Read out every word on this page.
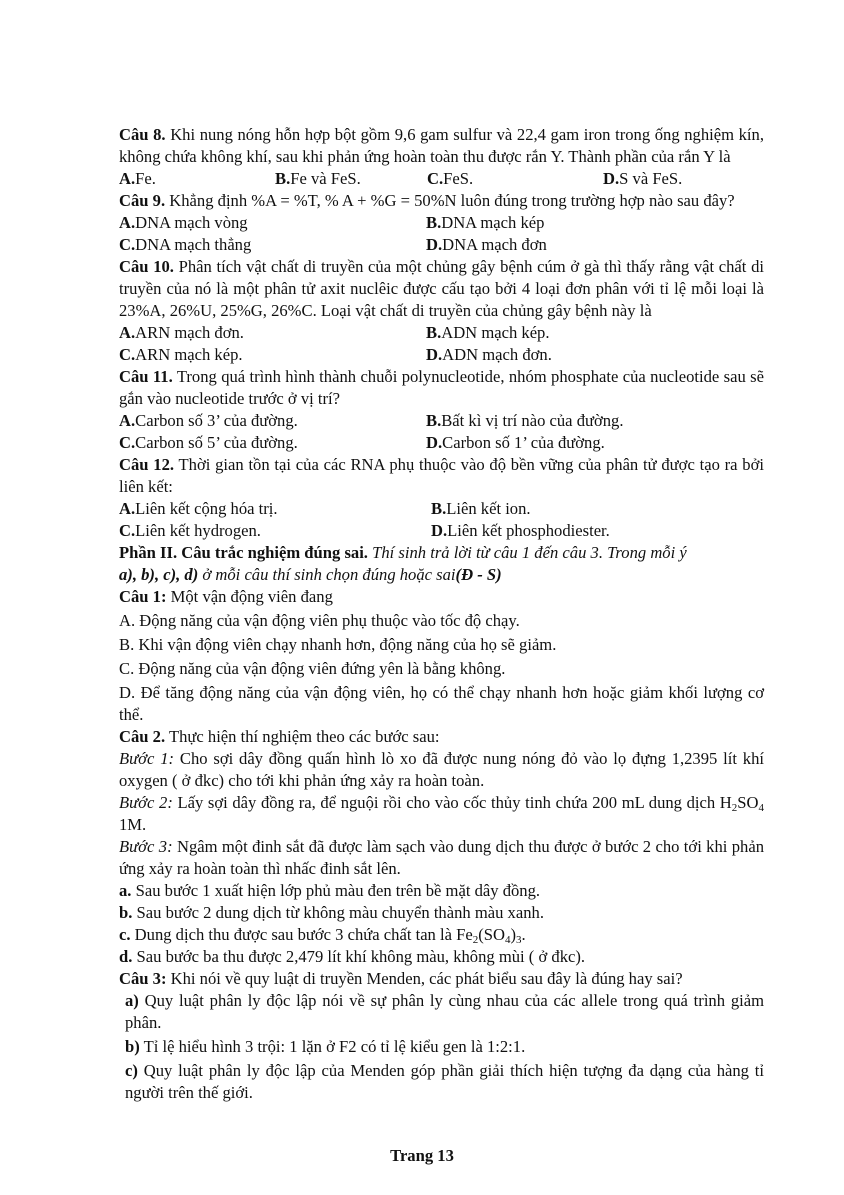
Câu 8. Khi nung nóng hỗn hợp bột gồm 9,6 gam sulfur và 22,4 gam iron trong ống nghiệm kín, không chứa không khí, sau khi phản ứng hoàn toàn thu được rắn Y. Thành phần của rắn Y là

A.Fe.	B.Fe và FeS.	C.FeS.	D.S và FeS.

Câu 9. Khẳng định %A = %T, % A + %G = 50%N luôn đúng trong trường hợp nào sau đây?

A.DNA mạch vòng	B.DNA mạch kép
C.DNA mạch thẳng	D.DNA mạch đơn

Câu 10. Phân tích vật chất di truyền của một chủng gây bệnh cúm ở gà thì thấy rằng vật chất di truyền của nó là một phân tử axit nuclêic được cấu tạo bởi 4 loại đơn phân với tỉ lệ mỗi loại là 23%A, 26%U, 25%G, 26%C. Loại vật chất di truyền của chủng gây bệnh này là

A.ARN mạch đơn.	B.ADN mạch kép.
C.ARN mạch kép.	D.ADN mạch đơn.

Câu 11. Trong quá trình hình thành chuỗi polynucleotide, nhóm phosphate của nucleotide sau sẽ gắn vào nucleotide trước ở vị trí?

A.Carbon số 3’ của đường.	B.Bất kì vị trí nào của đường.
C.Carbon số 5’ của đường.	D.Carbon số 1’ của đường.

Câu 12. Thời gian tồn tại của các RNA phụ thuộc vào độ bền vững của phân tử được tạo ra bởi liên kết:

A.Liên kết cộng hóa trị.	B.Liên kết ion.
C.Liên kết hydrogen.	D.Liên kết phosphodiester.

Phần II. Câu trắc nghiệm đúng sai. Thí sinh trả lời từ câu 1 đến câu 3. Trong mỗi ý
a), b), c), d) ở mỗi câu thí sinh chọn đúng hoặc sai(Đ - S)

Câu 1: Một vận động viên đang

A. Động năng của vận động viên phụ thuộc vào tốc độ chạy.

B. Khi vận động viên chạy nhanh hơn, động năng của họ sẽ giảm.

C. Động năng của vận động viên đứng yên là bằng không.

D. Để tăng động năng của vận động viên, họ có thể chạy nhanh hơn hoặc giảm khối lượng cơ thể.

Câu 2. Thực hiện thí nghiệm theo các bước sau:

Bước 1: Cho sợi dây đồng quấn hình lò xo đã được nung nóng đỏ vào lọ đựng 1,2395 lít khí oxygen ( ở đkc) cho tới khi phản ứng xảy ra hoàn toàn.

Bước 2: Lấy sợi dây đồng ra, để nguội rồi cho vào cốc thủy tinh chứa 200 mL dung dịch $H_2SO_4$ 1M.

Bước 3: Ngâm một đinh sắt đã được làm sạch vào dung dịch thu được ở bước 2 cho tới khi phản ứng xảy ra hoàn toàn thì nhấc đinh sắt lên.

a. Sau bước 1 xuất hiện lớp phủ màu đen trên bề mặt dây đồng.

b. Sau bước 2 dung dịch từ không màu chuyển thành màu xanh.

c. Dung dịch thu được sau bước 3 chứa chất tan là $Fe_2(SO_4)_3$.

d. Sau bước ba thu được 2,479 lít khí không màu, không mùi ( ở đkc).

Câu 3: Khi nói về quy luật di truyền Menden, các phát biểu sau đây là đúng hay sai?

a) Quy luật phân ly độc lập nói về sự phân ly cùng nhau của các allele trong quá trình giảm phân.

b) Tỉ lệ hiểu hình 3 trội: 1 lặn ở F2 có tỉ lệ kiểu gen là 1:2:1.

c) Quy luật phân ly độc lập của Menden góp phần giải thích hiện tượng đa dạng của hàng tỉ người trên thế giới.

Trang 13
